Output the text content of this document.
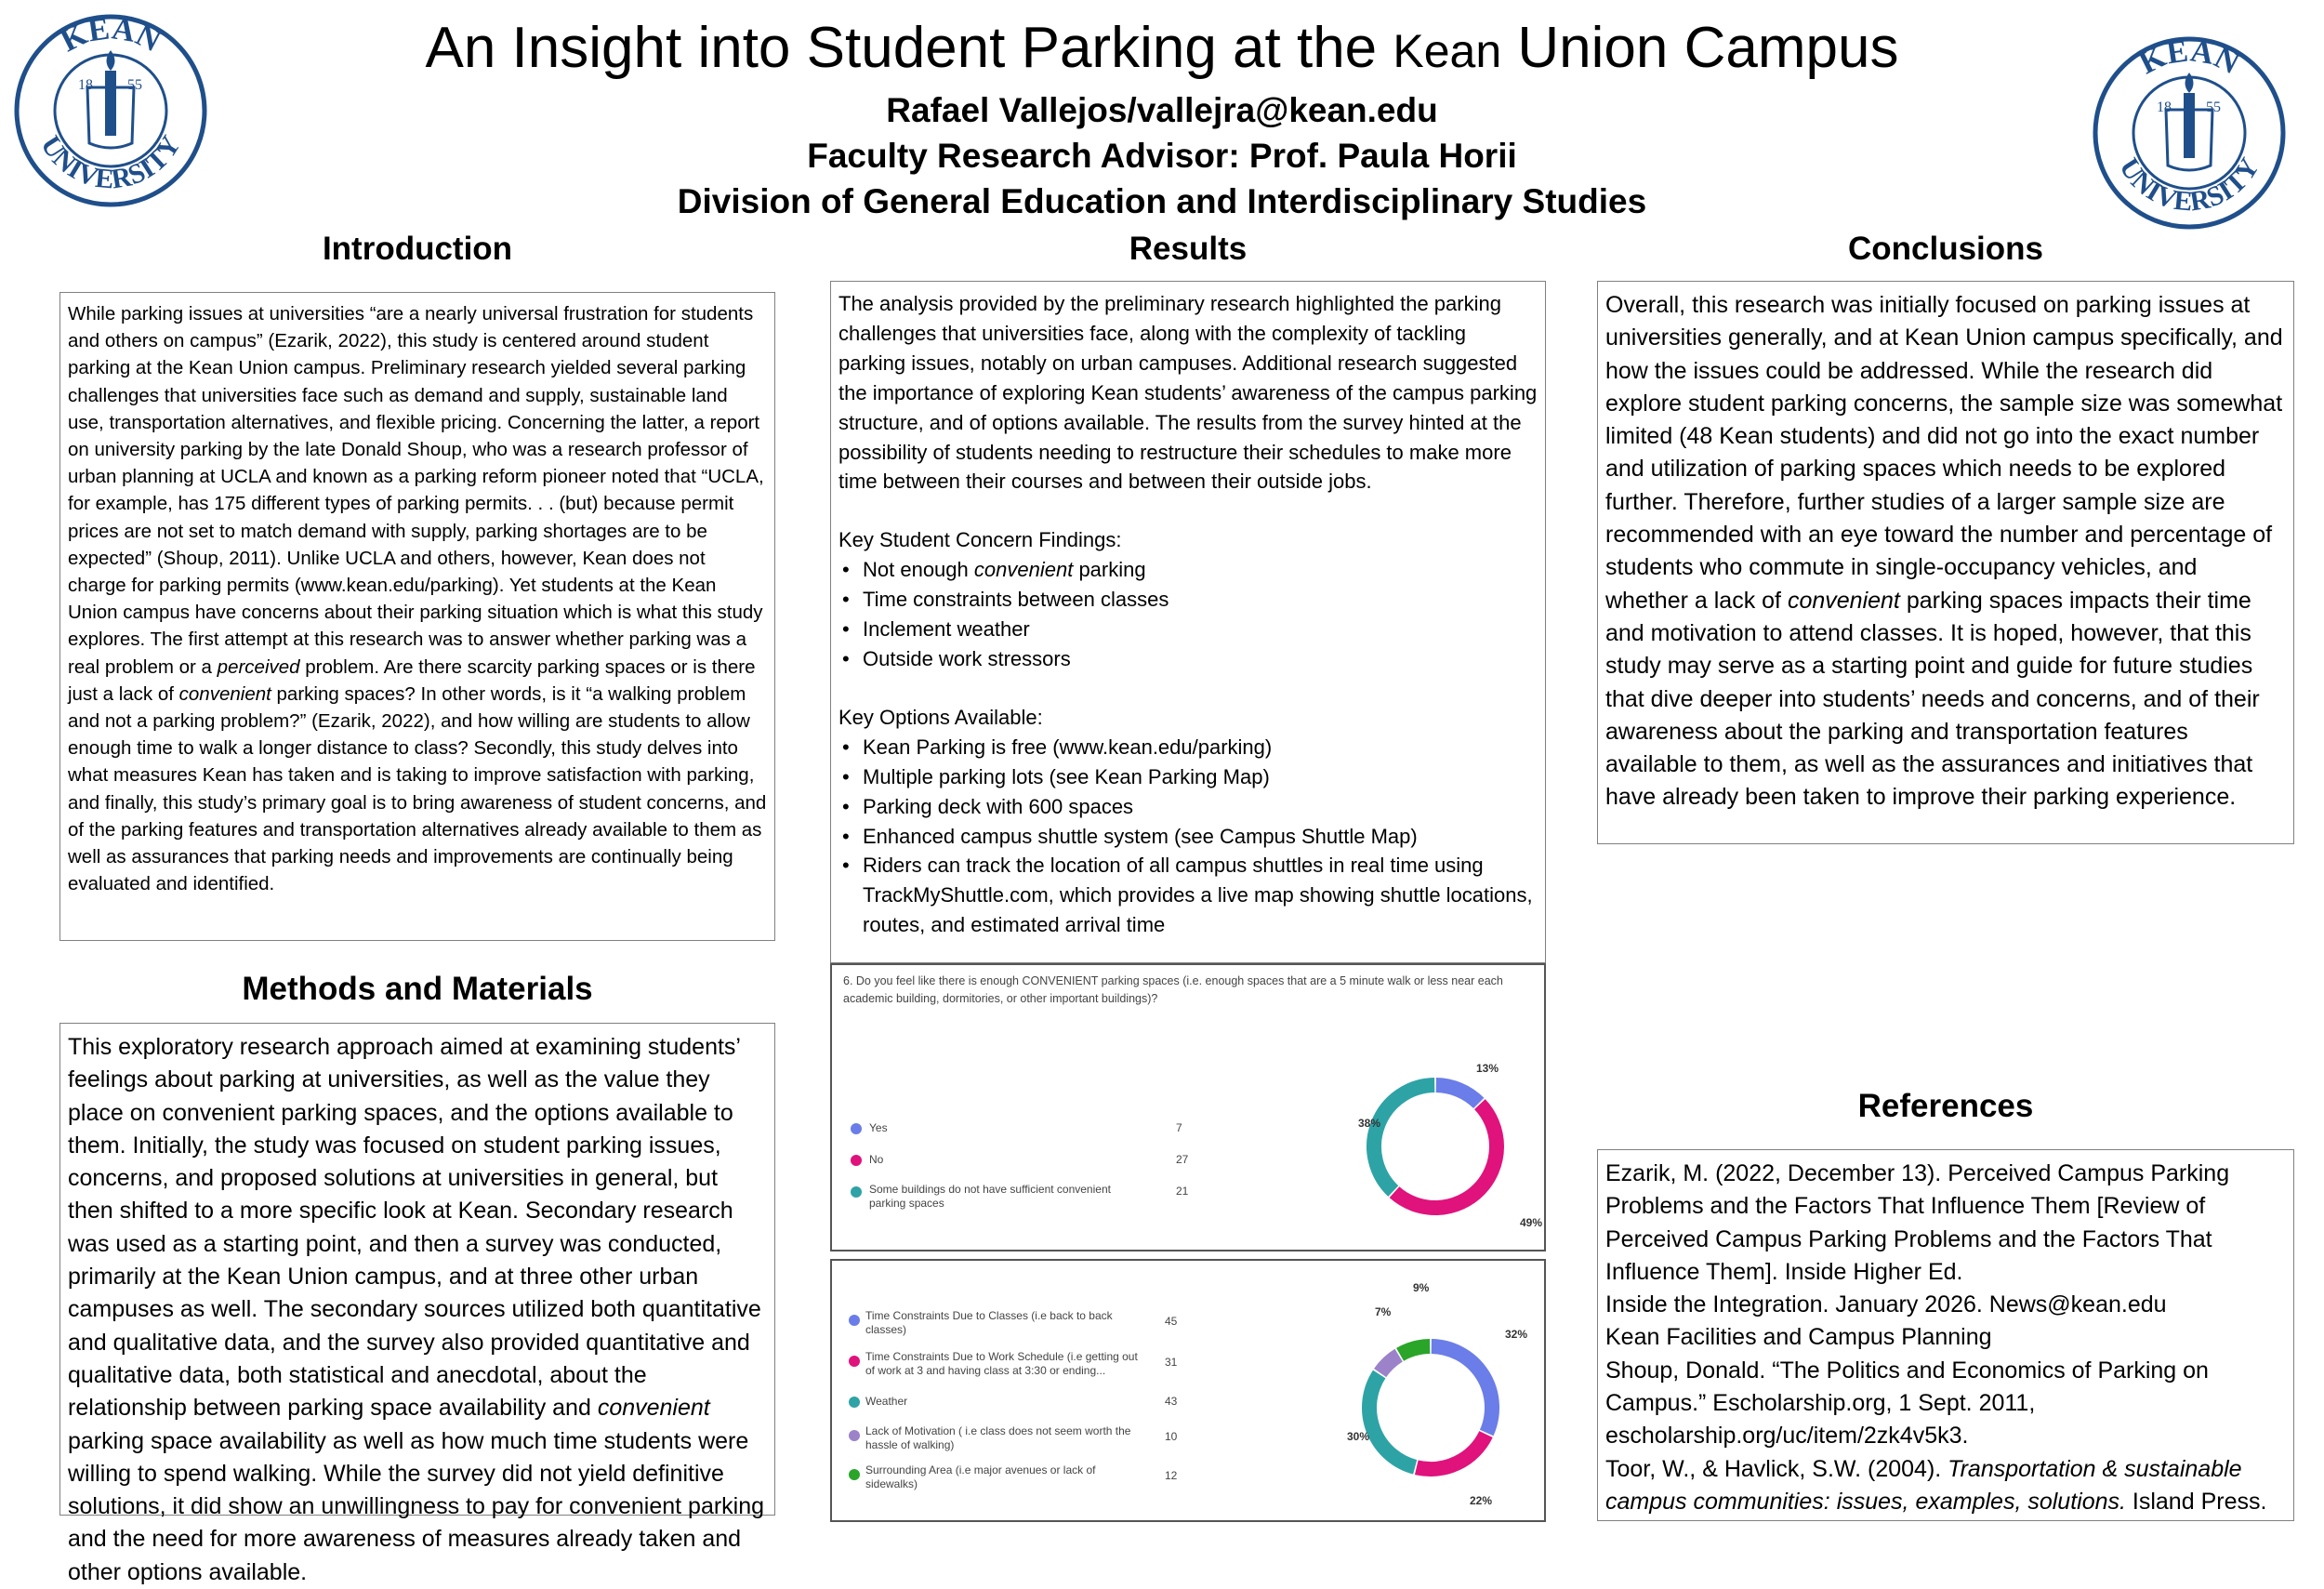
An Insight into Student Parking at the Kean Union Campus
Rafael Vallejos/vallejra@kean.edu
Faculty Research Advisor: Prof. Paula Horii
Division of General Education and Interdisciplinary Studies
KEAN
UNIVERSITY
18 55
KEAN
UNIVERSITY
18 55
Introduction

While parking issues at universities “are a nearly universal frustration for students and others on campus” (Ezarik, 2022), this study is centered around student parking at the Kean Union campus. Preliminary research yielded several parking challenges that universities face such as demand and supply, sustainable land use, transportation alternatives, and flexible pricing. Concerning the latter, a report on university parking by the late Donald Shoup, who was a research professor of urban planning at UCLA and known as a parking reform pioneer noted that “UCLA, for example, has 175 different types of parking permits. . . (but) because permit prices are not set to match demand with supply, parking shortages are to be expected” (Shoup, 2011). Unlike UCLA and others, however, Kean does not charge for parking permits (www.kean.edu/parking). Yet students at the Kean Union campus have concerns about their parking situation which is what this study explores. The first attempt at this research was to answer whether parking was a real problem or a perceived problem. Are there scarcity parking spaces or is there just a lack of convenient parking spaces? In other words, is it “a walking problem and not a parking problem?” (Ezarik, 2022), and how willing are students to allow enough time to walk a longer distance to class? Secondly, this study delves into what measures Kean has taken and is taking to improve satisfaction with parking, and finally, this study’s primary goal is to bring awareness of student concerns, and of the parking features and transportation alternatives already available to them as well as assurances that parking needs and improvements are continually being evaluated and identified.

Methods and Materials

This exploratory research approach aimed at examining students’ feelings about parking at universities, as well as the value they place on convenient parking spaces, and the options available to them. Initially, the study was focused on student parking issues, concerns, and proposed solutions at universities in general, but then shifted to a more specific look at Kean. Secondary research was used as a starting point, and then a survey was conducted, primarily at the Kean Union campus, and at three other urban campuses as well. The secondary sources utilized both quantitative and qualitative data, and the survey also provided quantitative and qualitative data, both statistical and anecdotal, about the relationship between parking space availability and convenient parking space availability as well as how much time students were willing to spend walking. While the survey did not yield definitive solutions, it did show an unwillingness to pay for convenient parking and the need for more awareness of measures already taken and other options available.

Results

The analysis provided by the preliminary research highlighted the parking challenges that universities face, along with the complexity of tackling parking issues, notably on urban campuses. Additional research suggested the importance of exploring Kean students’ awareness of the campus parking structure, and of options available. The results from the survey hinted at the possibility of students needing to restructure their schedules to make more time between their courses and between their outside jobs.

Key Student Concern Findings:

• Not enough convenient parking
• Time constraints between classes
• Inclement weather
• Outside work stressors

Key Options Available:

• Kean Parking is free (www.kean.edu/parking)
• Multiple parking lots (see Kean Parking Map)
• Parking deck with 600 spaces
• Enhanced campus shuttle system (see Campus Shuttle Map)
• Riders can track the location of all campus shuttles in real time using TrackMyShuttle.com, which provides a live map showing shuttle locations, routes, and estimated arrival time
6. Do you feel like there is enough CONVENIENT parking spaces (i.e. enough spaces that are a 5 minute walk or less near each academic building, dormitories, or other important buildings)?
Yes	7
No	27
Some buildings do not have sufficient convenient parking spaces
21
13%
49%
38%
Time Constraints Due to Classes (i.e back to back classes)
45
Time Constraints Due to Work Schedule (i.e getting out of work at 3 and having class at 3:30 or ending...
31
Weather	43
Lack of Motivation ( i.e class does not seem worth the hassle of walking)
10
Surrounding Area (i.e major avenues or lack of sidewalks)
12
32%
22%
30%
7%
9%
Conclusions

Overall, this research was initially focused on parking issues at universities generally, and at Kean Union campus specifically, and how the issues could be addressed. While the research did explore student parking concerns, the sample size was somewhat limited (48 Kean students) and did not go into the exact number and utilization of parking spaces which needs to be explored further. Therefore, further studies of a larger sample size are recommended with an eye toward the number and percentage of students who commute in single-occupancy vehicles, and whether a lack of convenient parking spaces impacts their time and motivation to attend classes. It is hoped, however, that this study may serve as a starting point and guide for future studies that dive deeper into students’ needs and concerns, and of their awareness about the parking and transportation features available to them, as well as the assurances and initiatives that have already been taken to improve their parking experience.

References

Ezarik, M. (2022, December 13). Perceived Campus Parking Problems and the Factors That Influence Them [Review of Perceived Campus Parking Problems and the Factors That Influence Them]. Inside Higher Ed.

Inside the Integration. January 2026. News@kean.edu

Kean Facilities and Campus Planning

Shoup, Donald. “The Politics and Economics of Parking on Campus.” Escholarship.org, 1 Sept. 2011, escholarship.org/uc/item/2zk4v5k3.

Toor, W., & Havlick, S.W. (2004). Transportation & sustainable campus communities: issues, examples, solutions. Island Press.
